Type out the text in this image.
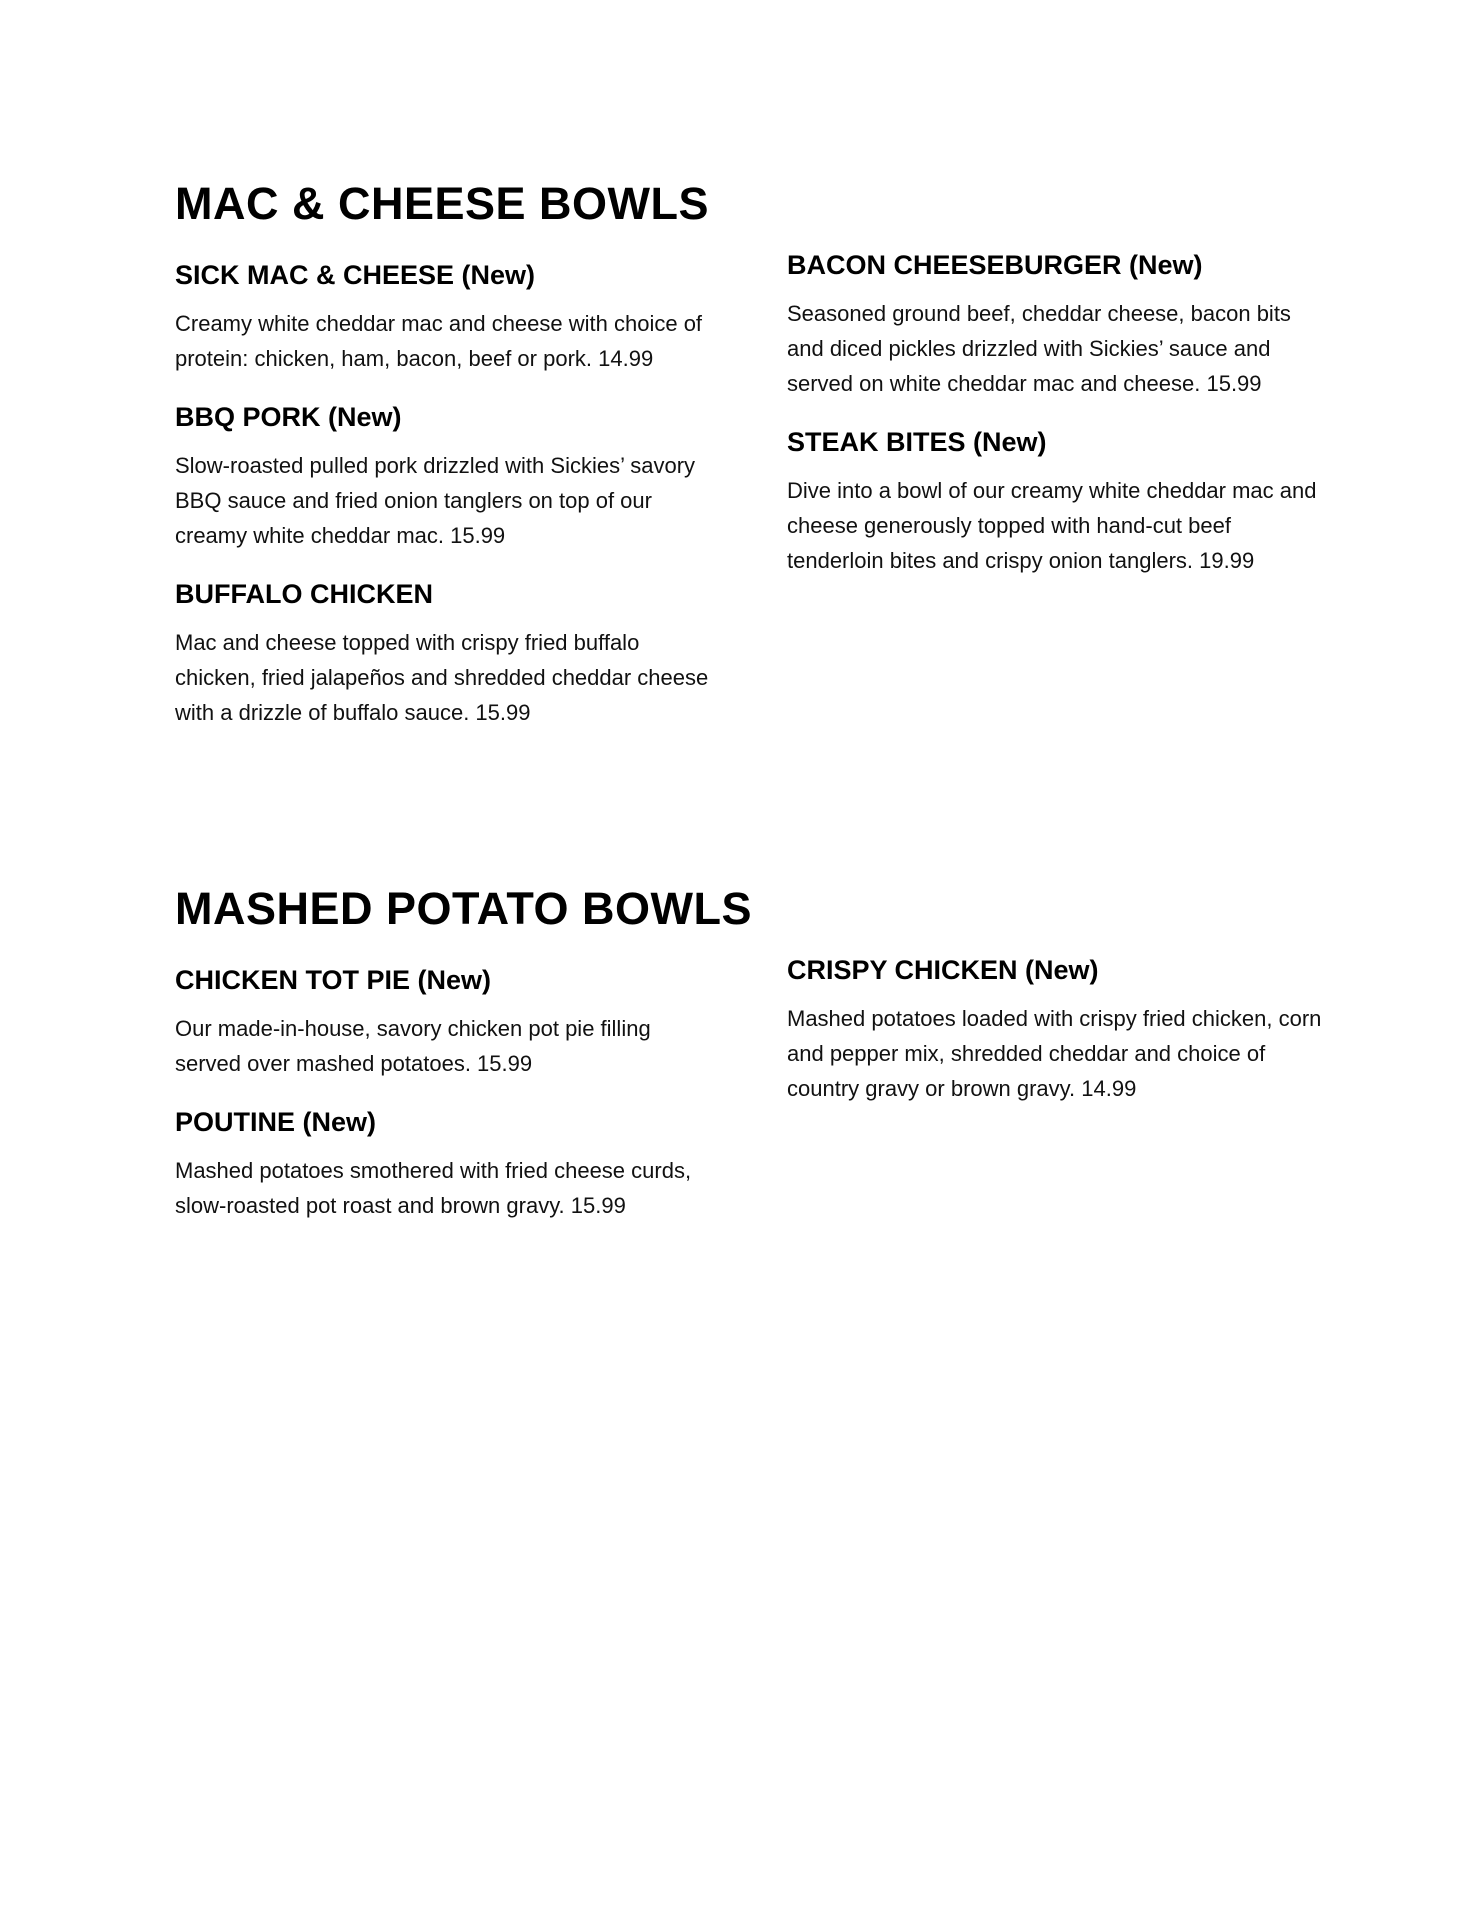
MAC & CHEESE BOWLS
SICK MAC & CHEESE (New)

Creamy white cheddar mac and cheese with choice of protein: chicken, ham, bacon, beef or pork. 14.99

BBQ PORK (New)

Slow-roasted pulled pork drizzled with Sickies’ savory BBQ sauce and fried onion tanglers on top of our creamy white cheddar mac. 15.99

BUFFALO CHICKEN

Mac and cheese topped with crispy fried buffalo chicken, fried jalapeños and shredded cheddar cheese with a drizzle of buffalo sauce. 15.99

BACON CHEESEBURGER (New)

Seasoned ground beef, cheddar cheese, bacon bits and diced pickles drizzled with Sickies’ sauce and served on white cheddar mac and cheese. 15.99

STEAK BITES (New)

Dive into a bowl of our creamy white cheddar mac and cheese generously topped with hand-cut beef tenderloin bites and crispy onion tanglers. 19.99

MASHED POTATO BOWLS
CHICKEN TOT PIE (New)

Our made-in-house, savory chicken pot pie filling served over mashed potatoes. 15.99

POUTINE (New)

Mashed potatoes smothered with fried cheese curds, slow-roasted pot roast and brown gravy. 15.99

CRISPY CHICKEN (New)

Mashed potatoes loaded with crispy fried chicken, corn and pepper mix, shredded cheddar and choice of country gravy or brown gravy. 14.99
